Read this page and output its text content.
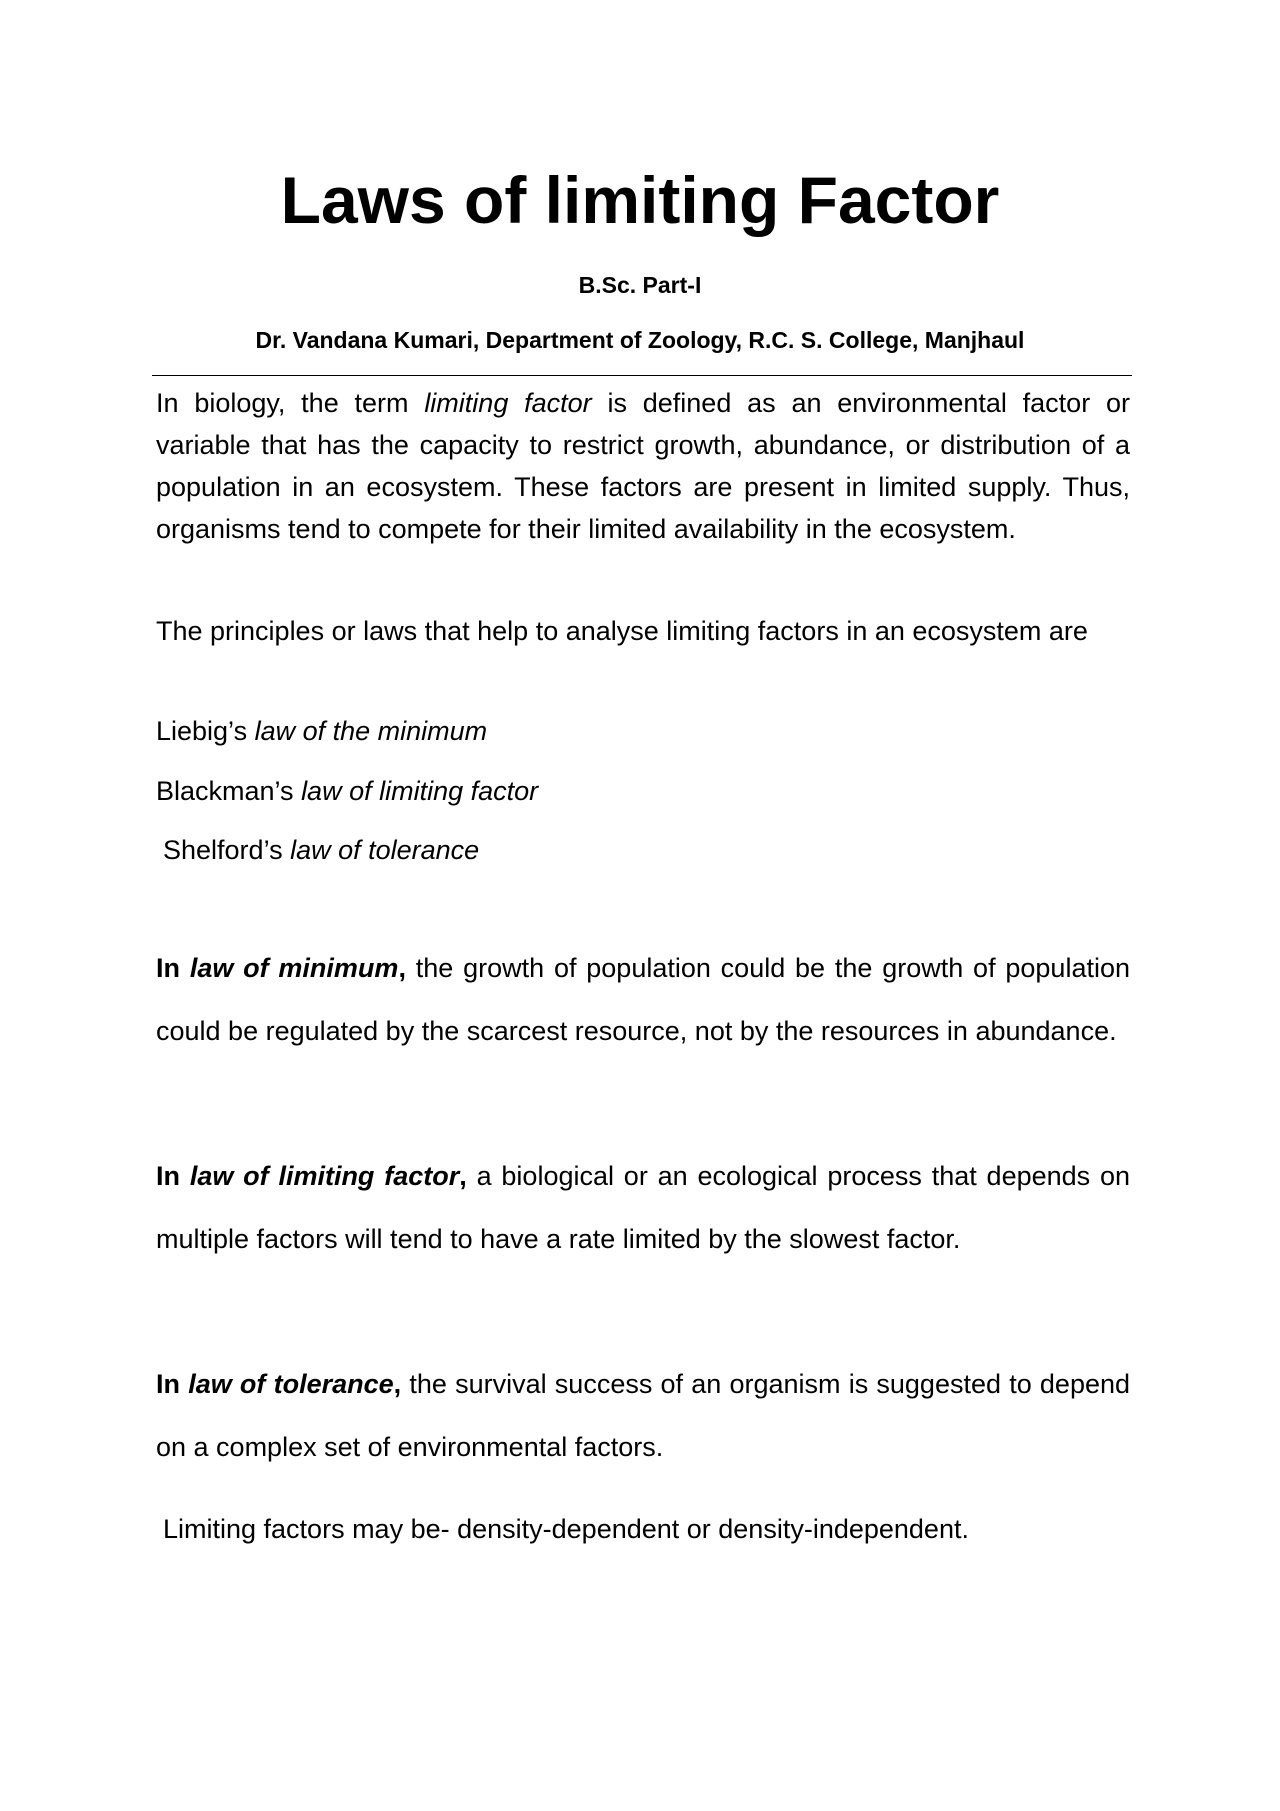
Laws of limiting Factor
B.Sc. Part-I
Dr. Vandana Kumari, Department of Zoology, R.C. S. College, Manjhaul

In biology, the term limiting factor is defined as an environmental factor or variable that has the capacity to restrict growth, abundance, or distribution of a population in an ecosystem. These factors are present in limited supply. Thus, organisms tend to compete for their limited availability in the ecosystem.

The principles or laws that help to analyse limiting factors in an ecosystem are

Liebig’s law of the minimum
Blackman’s law of limiting factor
Shelford’s law of tolerance

In law of minimum, the growth of population could be the growth of population could be regulated by the scarcest resource, not by the resources in abundance.

In law of limiting factor, a biological or an ecological process that depends on multiple factors will tend to have a rate limited by the slowest factor.

In law of tolerance, the survival success of an organism is suggested to depend on a complex set of environmental factors.

Limiting factors may be- density-dependent or density-independent.
